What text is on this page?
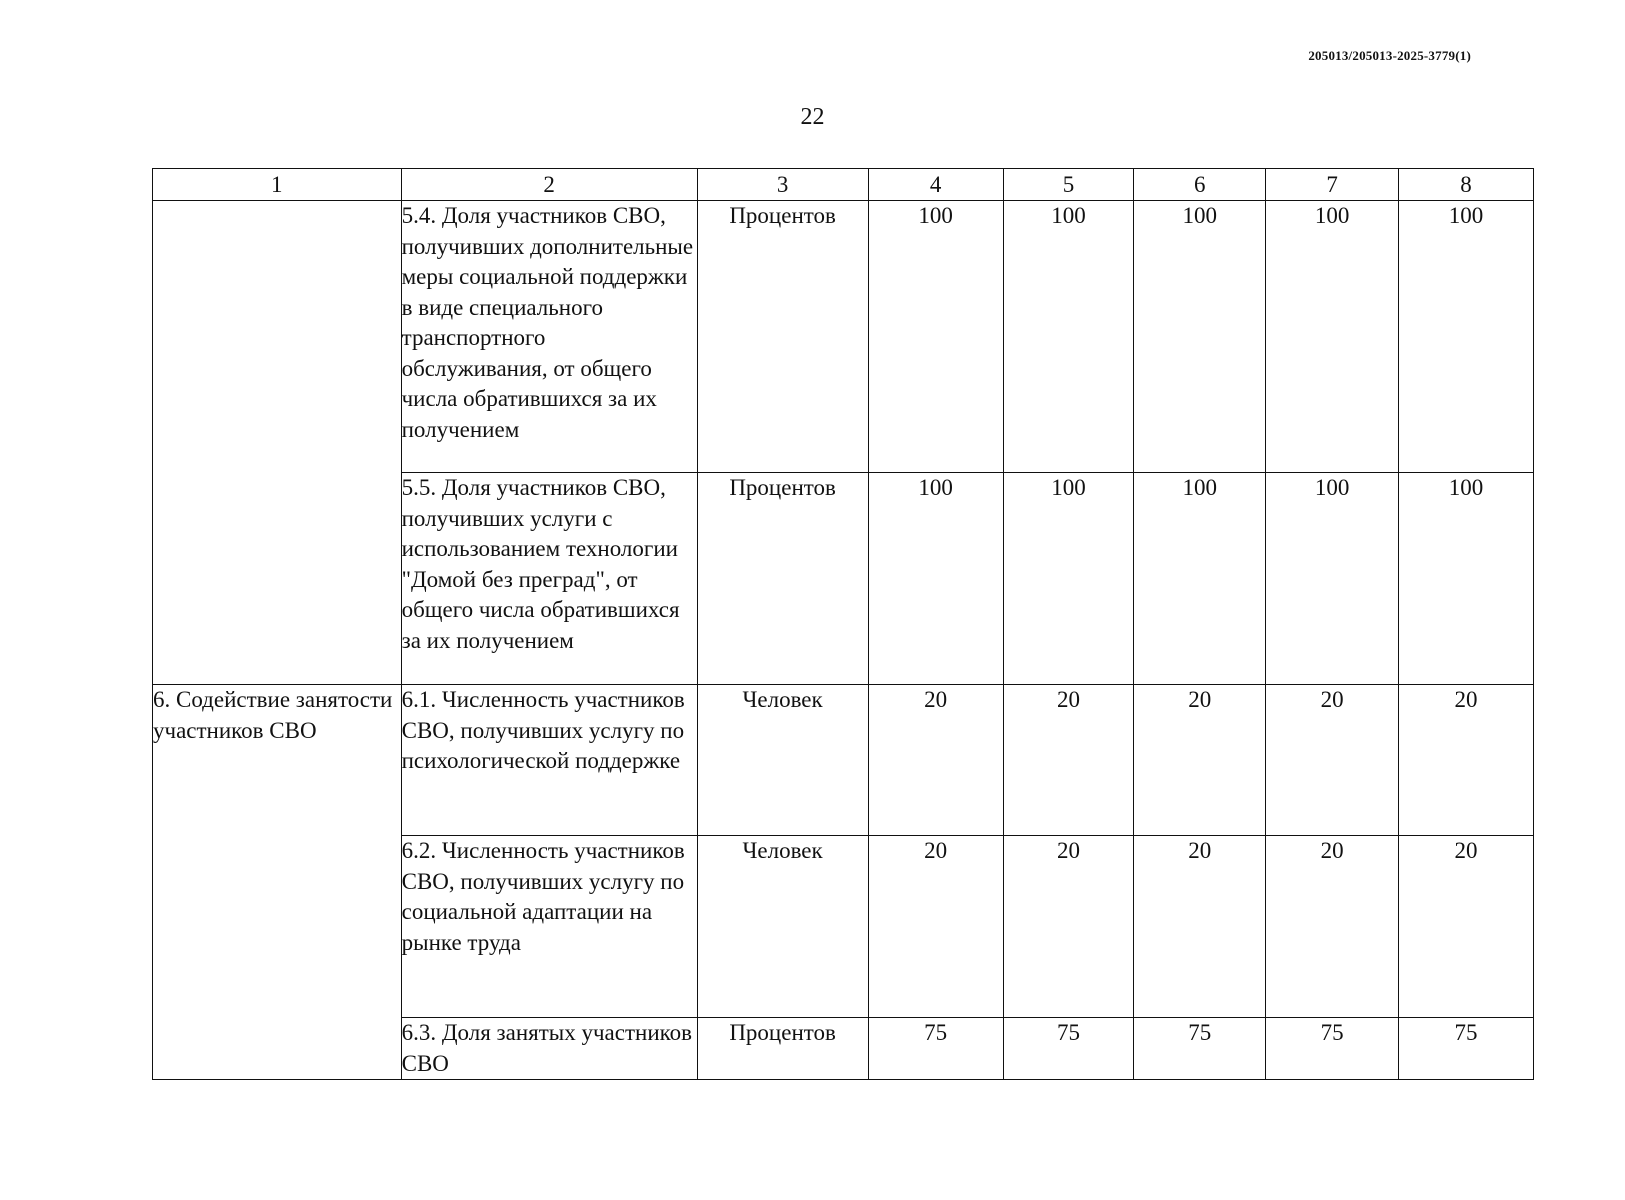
205013/205013-2025-3779(1)
22
1	2	3	4	5	6	7	8
	5.4. Доля участников СВО, получивших дополнительные меры социальной поддержки в виде специального транспортного обслуживания, от общего числа обратившихся за их получением	Процентов	100	100	100	100	100
	5.5. Доля участников СВО, получивших услуги с использованием технологии "Домой без преград", от общего числа обратившихся за их получением	Процентов	100	100	100	100	100
6. Содействие занятости участников СВО	6.1. Численность участников СВО, получивших услугу по психологической поддержке	Человек	20	20	20	20	20
	6.2. Численность участников СВО, получивших услугу по социальной адаптации на рынке труда	Человек	20	20	20	20	20
	6.3. Доля занятых участников СВО	Процентов	75	75	75	75	75
